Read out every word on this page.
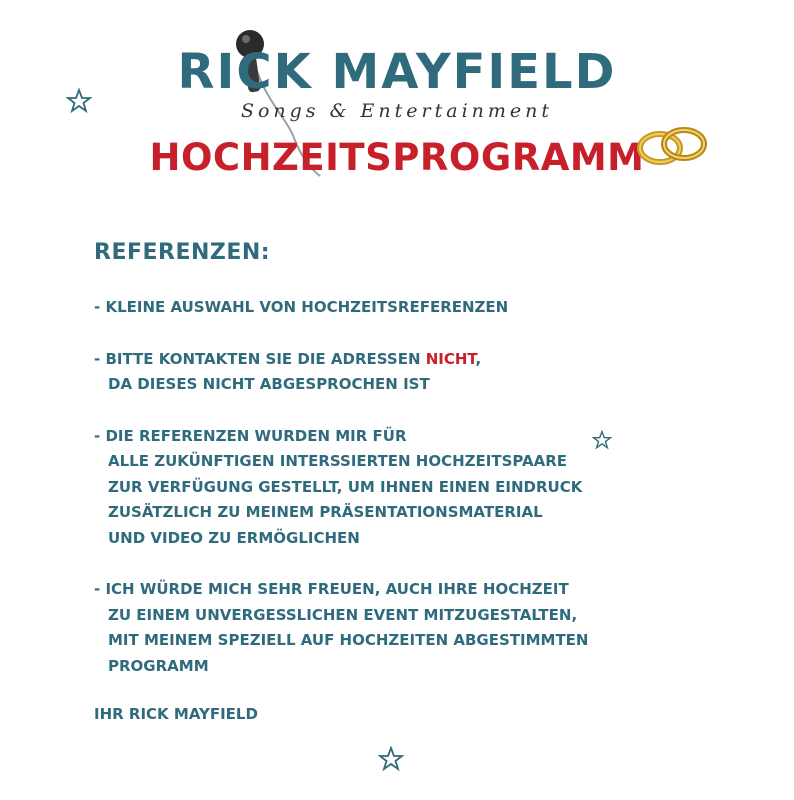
RICK MAYFIELD
Songs & Entertainment
HOCHZEITSPROGRAMM
REFERENZEN:
- KLEINE AUSWAHL VON HOCHZEITSREFERENZEN
- BITTE KONTAKTEN SIE DIE ADRESSEN NICHT,
DA DIESES NICHT ABGESPROCHEN IST
- DIE REFERENZEN WURDEN MIR FÜR
ALLE ZUKÜNFTIGEN INTERSSIERTEN HOCHZEITSPAARE
ZUR VERFÜGUNG GESTELLT, UM IHNEN EINEN EINDRUCK
ZUSÄTZLICH ZU MEINEM PRÄSENTATIONSMATERIAL
UND VIDEO ZU ERMÖGLICHEN
- ICH WÜRDE MICH SEHR FREUEN, AUCH IHRE HOCHZEIT
ZU EINEM UNVERGESSLICHEN EVENT MITZUGESTALTEN,
MIT MEINEM SPEZIELL AUF HOCHZEITEN ABGESTIMMTEN
PROGRAMM
IHR RICK MAYFIELD
